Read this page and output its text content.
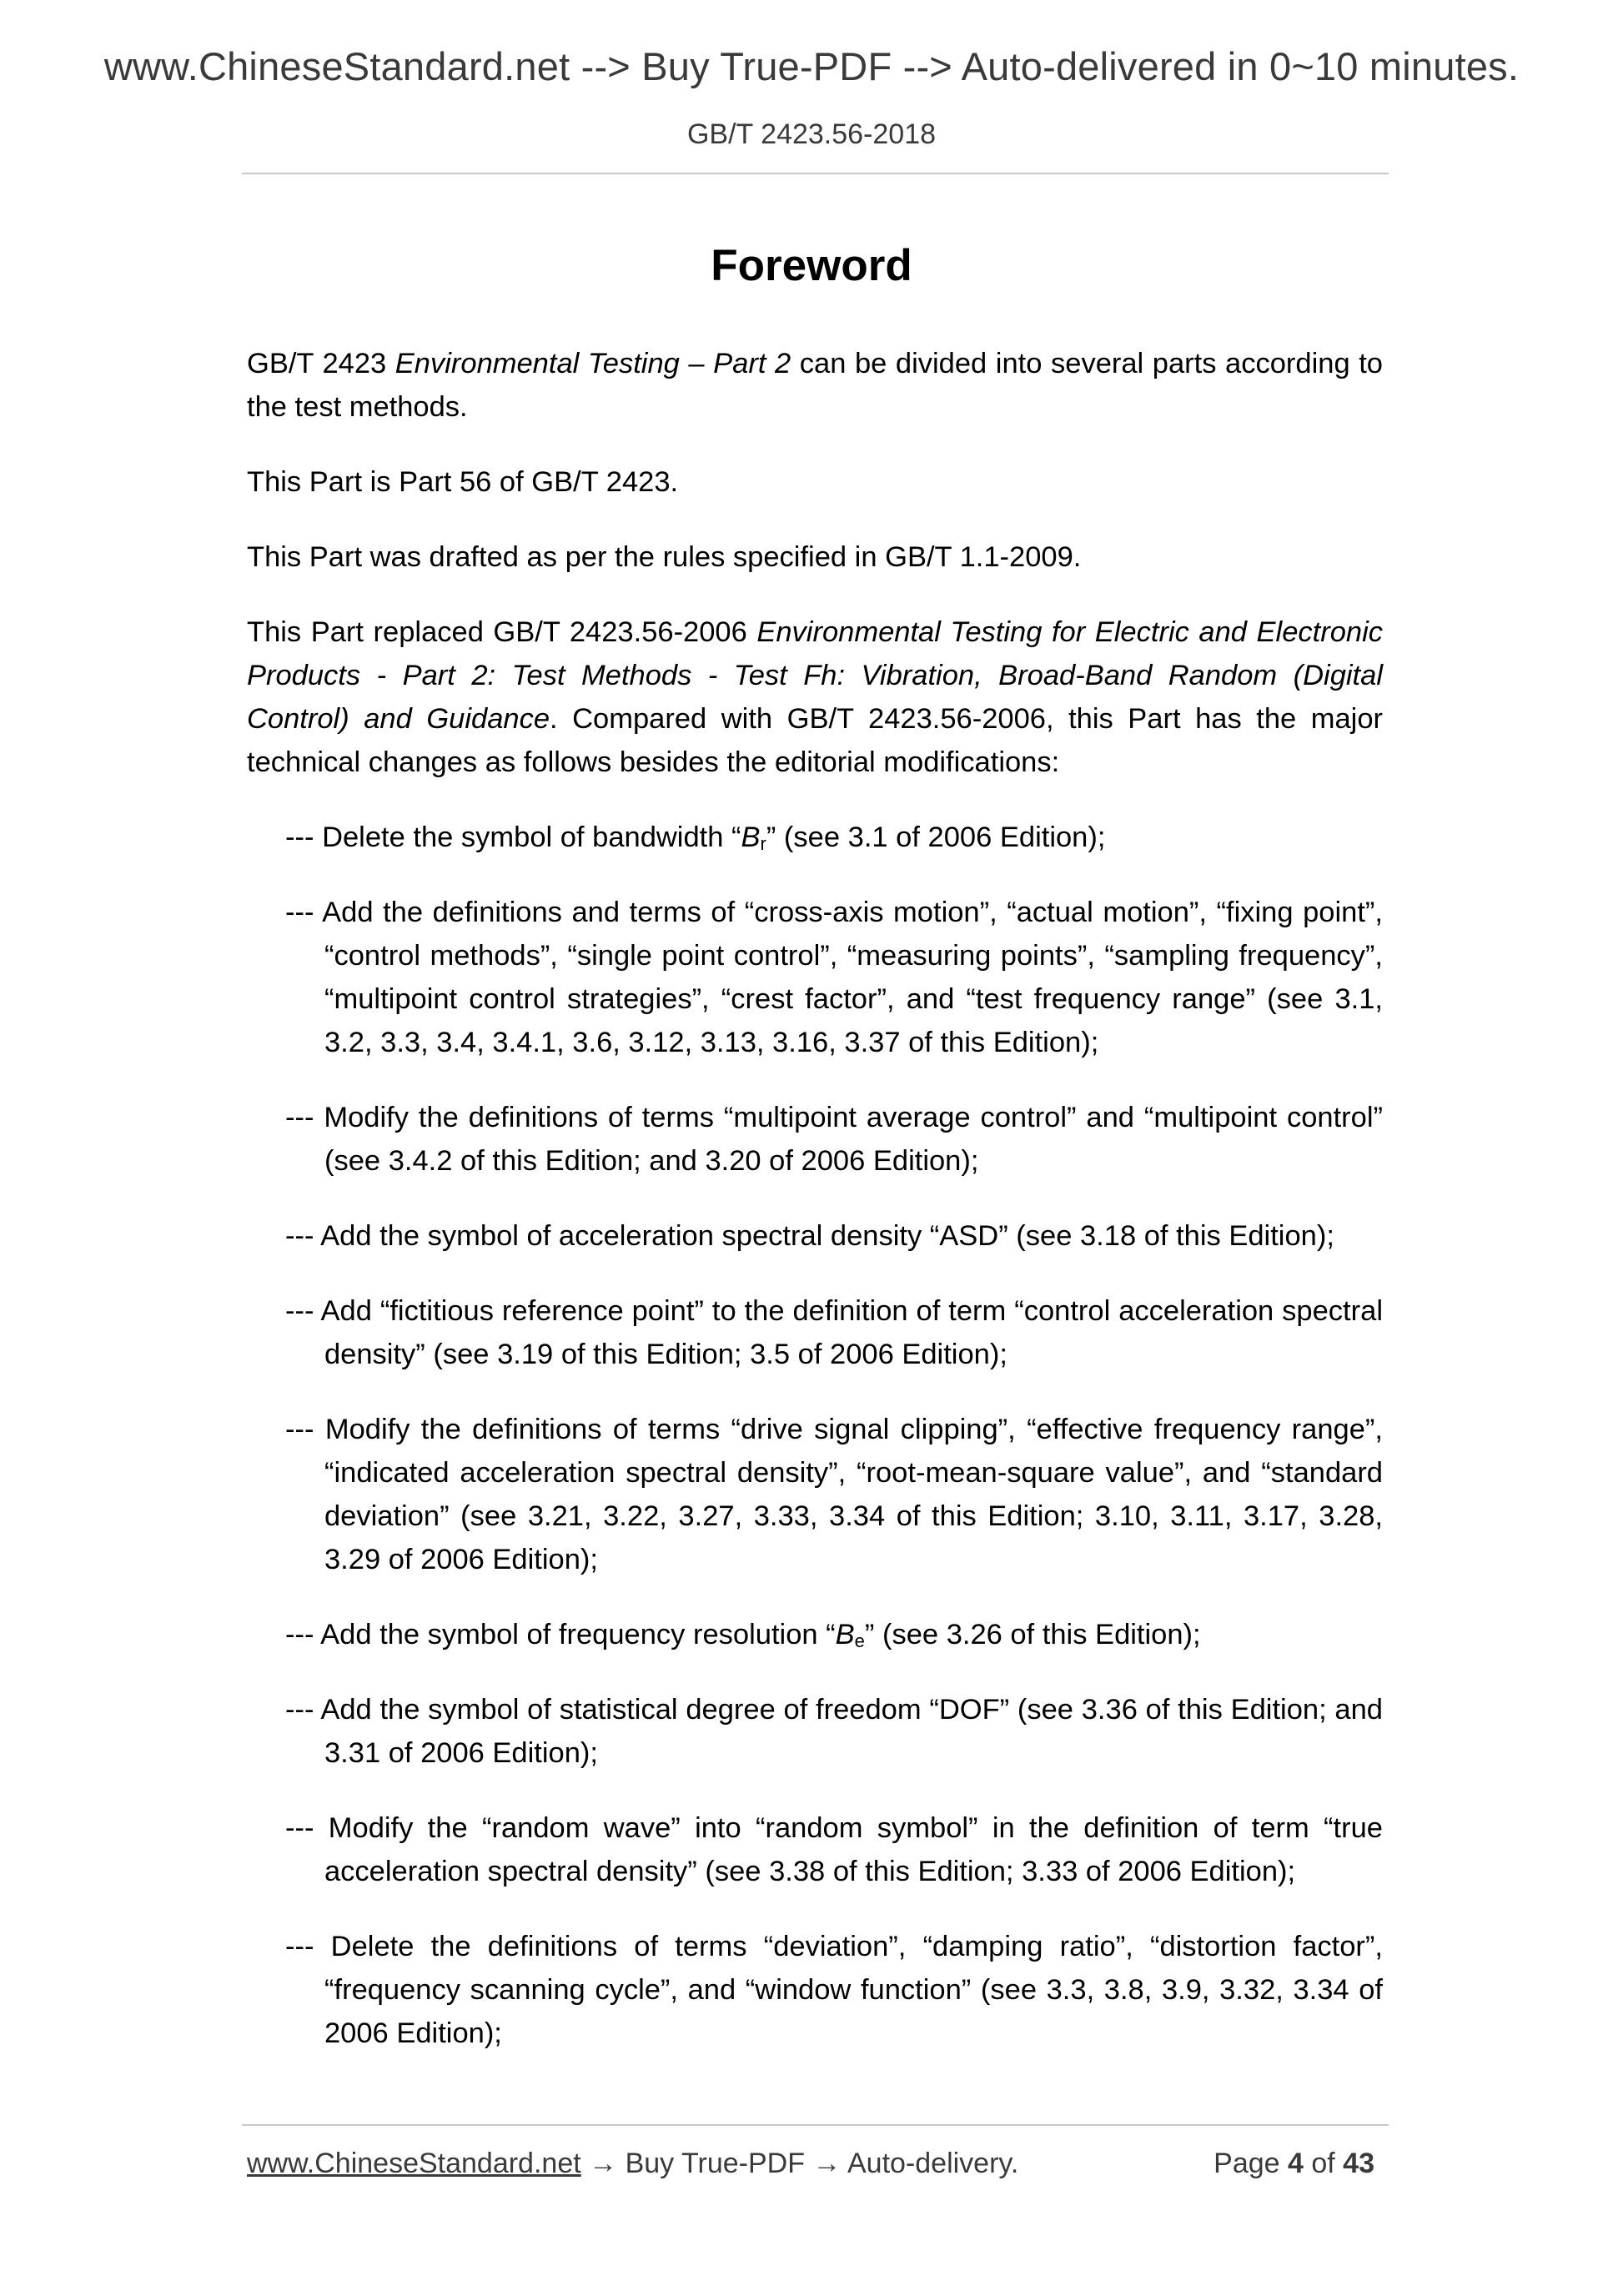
www.ChineseStandard.net --> Buy True-PDF --> Auto-delivered in 0~10 minutes.
GB/T 2423.56-2018
Foreword

GB/T 2423 Environmental Testing – Part 2 can be divided into several parts according to the test methods.

This Part is Part 56 of GB/T 2423.

This Part was drafted as per the rules specified in GB/T 1.1-2009.

This Part replaced GB/T 2423.56-2006 Environmental Testing for Electric and Electronic Products - Part 2: Test Methods - Test Fh: Vibration, Broad-Band Random (Digital Control) and Guidance. Compared with GB/T 2423.56-2006, this Part has the major technical changes as follows besides the editorial modifications:

--- Delete the symbol of bandwidth “$B_r$” (see 3.1 of 2006 Edition);

--- Add the definitions and terms of “cross-axis motion”, “actual motion”, “fixing point”, “control methods”, “single point control”, “measuring points”, “sampling frequency”, “multipoint control strategies”, “crest factor”, and “test frequency range” (see 3.1, 3.2, 3.3, 3.4, 3.4.1, 3.6, 3.12, 3.13, 3.16, 3.37 of this Edition);

--- Modify the definitions of terms “multipoint average control” and “multipoint control” (see 3.4.2 of this Edition; and 3.20 of 2006 Edition);

--- Add the symbol of acceleration spectral density “ASD” (see 3.18 of this Edition);

--- Add “fictitious reference point” to the definition of term “control acceleration spectral density” (see 3.19 of this Edition; 3.5 of 2006 Edition);

--- Modify the definitions of terms “drive signal clipping”, “effective frequency range”, “indicated acceleration spectral density”, “root-mean-square value”, and “standard deviation” (see 3.21, 3.22, 3.27, 3.33, 3.34 of this Edition; 3.10, 3.11, 3.17, 3.28, 3.29 of 2006 Edition);

--- Add the symbol of frequency resolution “$B_e$” (see 3.26 of this Edition);

--- Add the symbol of statistical degree of freedom “DOF” (see 3.36 of this Edition; and 3.31 of 2006 Edition);

--- Modify the “random wave” into “random symbol” in the definition of term “true acceleration spectral density” (see 3.38 of this Edition; 3.33 of 2006 Edition);

--- Delete the definitions of terms “deviation”, “damping ratio”, “distortion factor”, “frequency scanning cycle”, and “window function” (see 3.3, 3.8, 3.9, 3.32, 3.34 of 2006 Edition);

www.ChineseStandard.net → Buy True-PDF → Auto-delivery.	Page 4 of 43
